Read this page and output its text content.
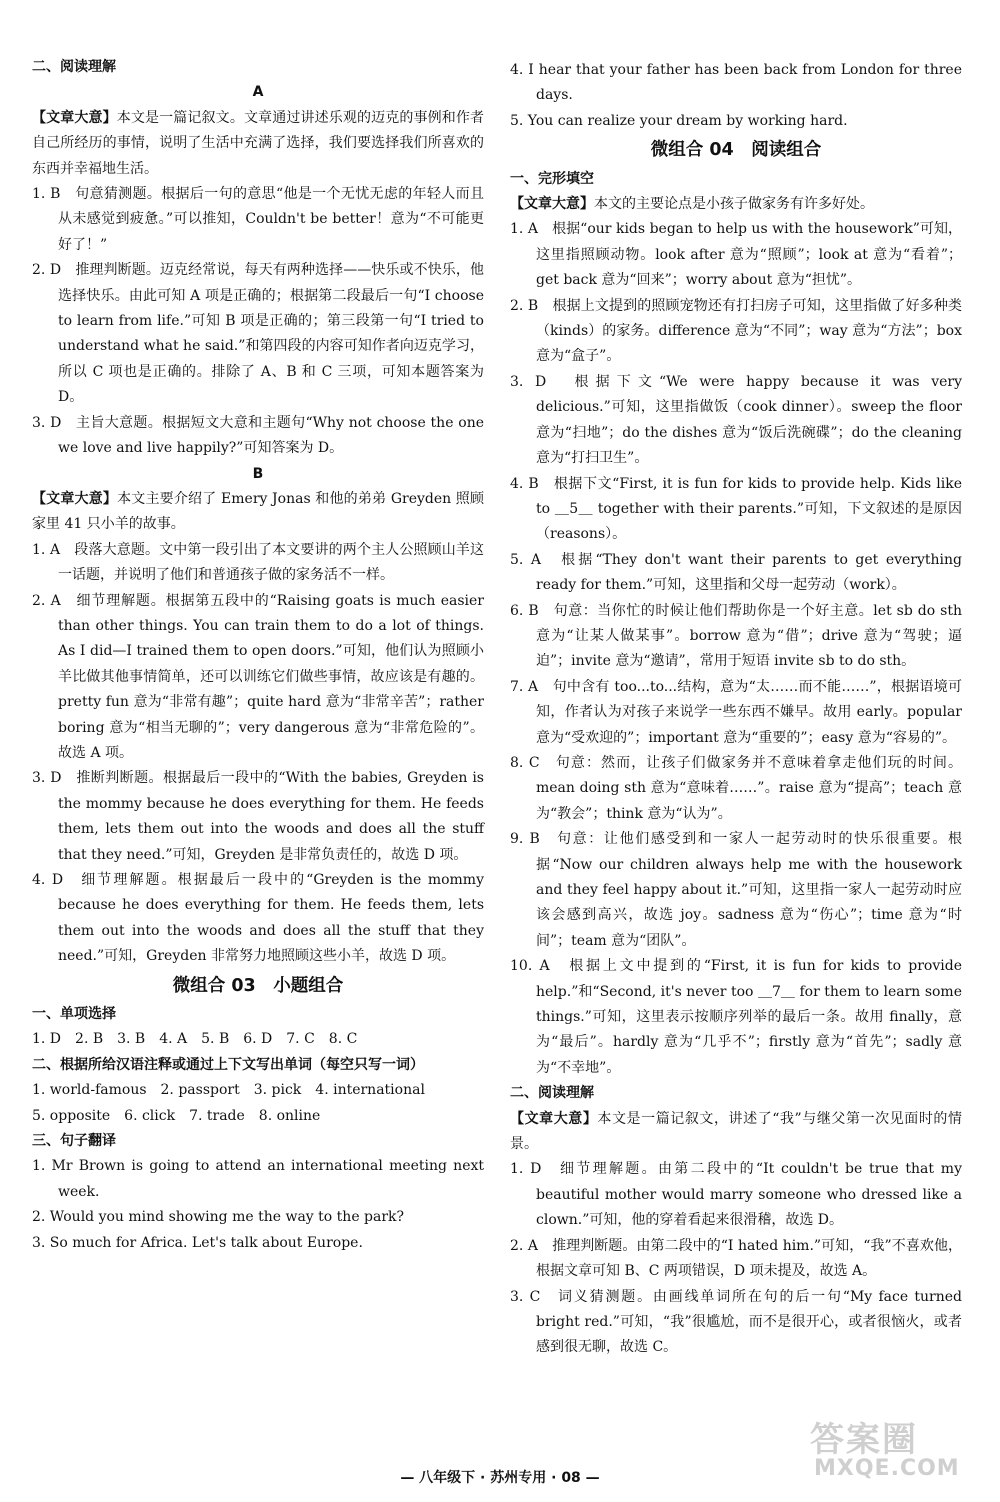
二、阅读理解
A
【文章大意】本文是一篇记叙文。文章通过讲述乐观的迈克的事例和作者自己所经历的事情，说明了生活中充满了选择，我们要选择我们所喜欢的东西并幸福地生活。
1. B　句意猜测题。根据后一句的意思“他是一个无忧无虑的年轻人而且从未感觉到疲惫。”可以推知，Couldn't be better！意为“不可能更好了！”
2. D　推理判断题。迈克经常说，每天有两种选择——快乐或不快乐，他选择快乐。由此可知 A 项是正确的；根据第二段最后一句“I choose to learn from life.”可知 B 项是正确的；第三段第一句“I tried to understand what he said.”和第四段的内容可知作者向迈克学习，所以 C 项也是正确的。排除了 A、B 和 C 三项，可知本题答案为 D。
3. D　主旨大意题。根据短文大意和主题句“Why not choose the one we love and live happily?”可知答案为 D。
B
【文章大意】本文主要介绍了 Emery Jonas 和他的弟弟 Greyden 照顾家里 41 只小羊的故事。
1. A　段落大意题。文中第一段引出了本文要讲的两个主人公照顾山羊这一话题，并说明了他们和普通孩子做的家务活不一样。
2. A　细节理解题。根据第五段中的“Raising goats is much easier than other things. You can train them to do a lot of things. As I did—I trained them to open doors.”可知，他们认为照顾小羊比做其他事情简单，还可以训练它们做些事情，故应该是有趣的。pretty fun 意为“非常有趣”；quite hard 意为“非常辛苦”；rather boring 意为“相当无聊的”；very dangerous 意为“非常危险的”。故选 A 项。
3. D　推断判断题。根据最后一段中的“With the babies, Greyden is the mommy because he does everything for them. He feeds them, lets them out into the woods and does all the stuff that they need.”可知，Greyden 是非常负责任的，故选 D 项。
4. D　细节理解题。根据最后一段中的“Greyden is the mommy because he does everything for them. He feeds them, lets them out into the woods and does all the stuff that they need.”可知，Greyden 非常努力地照顾这些小羊，故选 D 项。
微组合 03　小题组合
一、单项选择
1. D　2. B　3. B　4. A　5. B　6. D　7. C　8. C
二、根据所给汉语注释或通过上下文写出单词（每空只写一词）
1. world-famous　2. passport　3. pick　4. international
5. opposite　6. click　7. trade　8. online
三、句子翻译
1. Mr Brown is going to attend an international meeting next week.
2. Would you mind showing me the way to the park?
3. So much for Africa. Let's talk about Europe.
4. I hear that your father has been back from London for three days.
5. You can realize your dream by working hard.
微组合 04　阅读组合
一、完形填空
【文章大意】本文的主要论点是小孩子做家务有许多好处。
1. A　根据“our kids began to help us with the housework”可知，这里指照顾动物。look after 意为“照顾”；look at 意为“看着”；get back 意为“回来”；worry about 意为“担忧”。
2. B　根据上文提到的照顾宠物还有打扫房子可知，这里指做了好多种类（kinds）的家务。difference 意为“不同”；way 意为“方法”；box 意为“盒子”。
3. D　根据下文“We were happy because it was very delicious.”可知，这里指做饭（cook dinner）。sweep the floor 意为“扫地”；do the dishes 意为“饭后洗碗碟”；do the cleaning 意为“打扫卫生”。
4. B　根据下文“First, it is fun for kids to provide help. Kids like to ＿5＿ together with their parents.”可知，下文叙述的是原因（reasons）。
5. A　根据“They don't want their parents to get everything ready for them.”可知，这里指和父母一起劳动（work）。
6. B　句意：当你忙的时候让他们帮助你是一个好主意。let sb do sth 意为“让某人做某事”。borrow 意为“借”；drive 意为“驾驶；逼迫”；invite 意为“邀请”，常用于短语 invite sb to do sth。
7. A　句中含有 too...to...结构，意为“太……而不能……”，根据语境可知，作者认为对孩子来说学一些东西不嫌早。故用 early。popular 意为“受欢迎的”；important 意为“重要的”；easy 意为“容易的”。
8. C　句意：然而，让孩子们做家务并不意味着拿走他们玩的时间。mean doing sth 意为“意味着……”。raise 意为“提高”；teach 意为“教会”；think 意为“认为”。
9. B　句意：让他们感受到和一家人一起劳动时的快乐很重要。根据“Now our children always help me with the housework and they feel happy about it.”可知，这里指一家人一起劳动时应该会感到高兴，故选 joy。sadness 意为“伤心”；time 意为“时间”；team 意为“团队”。
10. A　根据上文中提到的“First, it is fun for kids to provide help.”和“Second, it's never too ＿7＿ for them to learn some things.”可知，这里表示按顺序列举的最后一条。故用 finally，意为“最后”。hardly 意为“几乎不”；firstly 意为“首先”；sadly 意为“不幸地”。
二、阅读理解
【文章大意】本文是一篇记叙文，讲述了“我”与继父第一次见面时的情景。
1. D　细节理解题。由第二段中的“It couldn't be true that my beautiful mother would marry someone who dressed like a clown.”可知，他的穿着看起来很滑稽，故选 D。
2. A　推理判断题。由第二段中的“I hated him.”可知，“我”不喜欢他，根据文章可知 B、C 两项错误，D 项未提及，故选 A。
3. C　词义猜测题。由画线单词所在句的后一句“My face turned bright red.”可知，“我”很尴尬，而不是很开心，或者很恼火，或者感到很无聊，故选 C。
— 八年级下 · 苏州专用 · 08 —
答案圈
MXQE.COM
